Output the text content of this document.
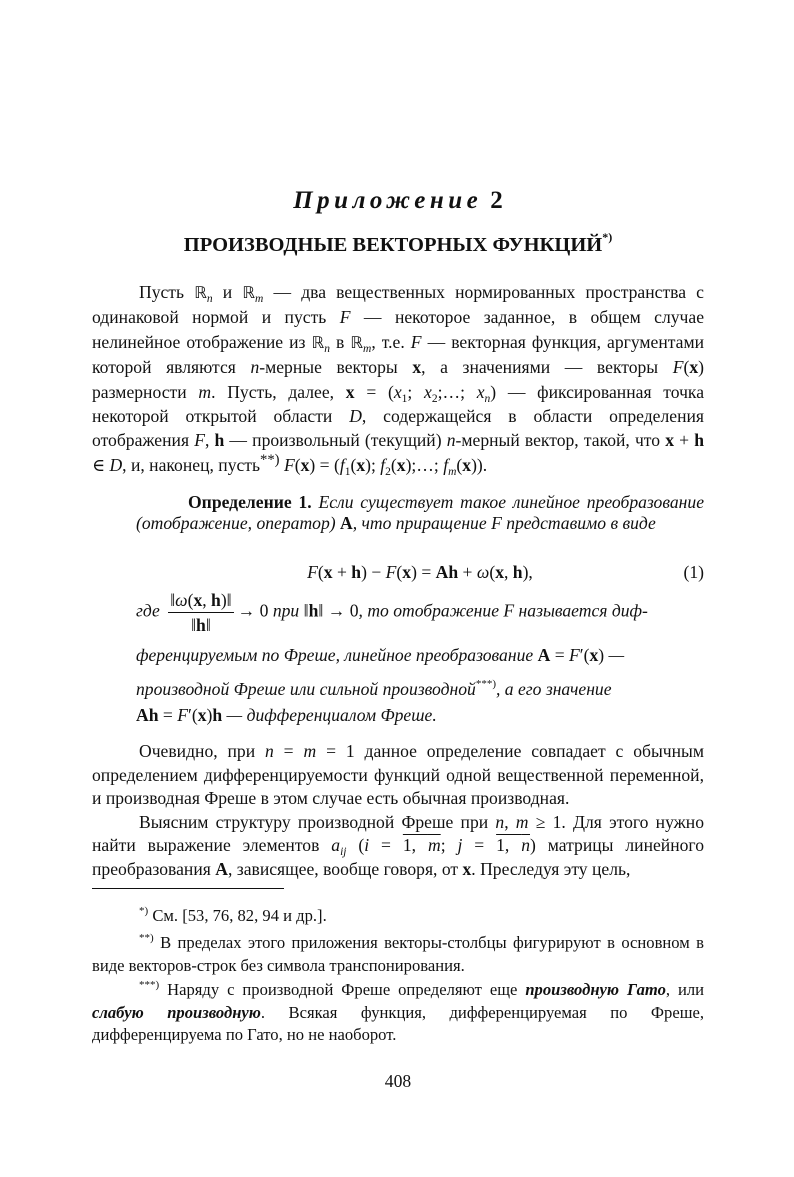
Приложение 2
ПРОИЗВОДНЫЕ ВЕКТОРНЫХ ФУНКЦИЙ*)

Пусть ℝ$_n$ и ℝ$_m$ — два вещественных нормированных пространства с одинаковой нормой и пусть F — некоторое заданное, в общем случае нелинейное отображение из ℝ$_n$ в ℝ$_m$, т.е. F — векторная функция, аргументами которой являются n-мерные векторы x, а значениями — векторы F(x) размерности m. Пусть, далее, $x = (x_1$; $x_2;\dots$; $x_n$) — фиксированная точка некоторой открытой области D, содержащейся в области определения отображения F, h — произвольный (текущий) n-мерный вектор, такой, что x + h ∈ D, и, наконец, пусть**) $F(x) = (f_1(x)$; $f_2(x);\dots$; $f_m(x)$).

Определение 1. Если существует такое линейное преобразование (отображение, оператор) A, что приращение F представимо в виде

F(x + h) − F(x) = Ah + ω(x, h),	(1)
где $\frac{‖\omega(x, h)‖}{‖h‖} \to 0$ при ‖h‖ → 0, то отображение F называется диф-
ференцируемым по Фреше, линейное преобразование A = F′(x) —
производной Фреше или сильной производной***), а его значение
Ah = F′(x)h — дифференциалом Фреше.

Очевидно, при n = m = 1 данное определение совпадает с обычным определением дифференцируемости функций одной вещественной переменной, и производная Фреше в этом случае есть обычная производная.

Выясним структуру производной Фреше при n, m ≥ 1. Для этого нужно найти выражение элементов $a_{ij}$ (i = 1, m; j = 1, n) матрицы линейного преобразования A, зависящее, вообще говоря, от x. Преследуя эту цель,

*) См. [53, 76, 82, 94 и др.].

**) В пределах этого приложения векторы-столбцы фигурируют в основном в виде векторов-строк без символа транспонирования.

***) Наряду с производной Фреше определяют еще производную Гато, или слабую производную. Всякая функция, дифференцируемая по Фреше, дифференцируема по Гато, но не наоборот.

408
